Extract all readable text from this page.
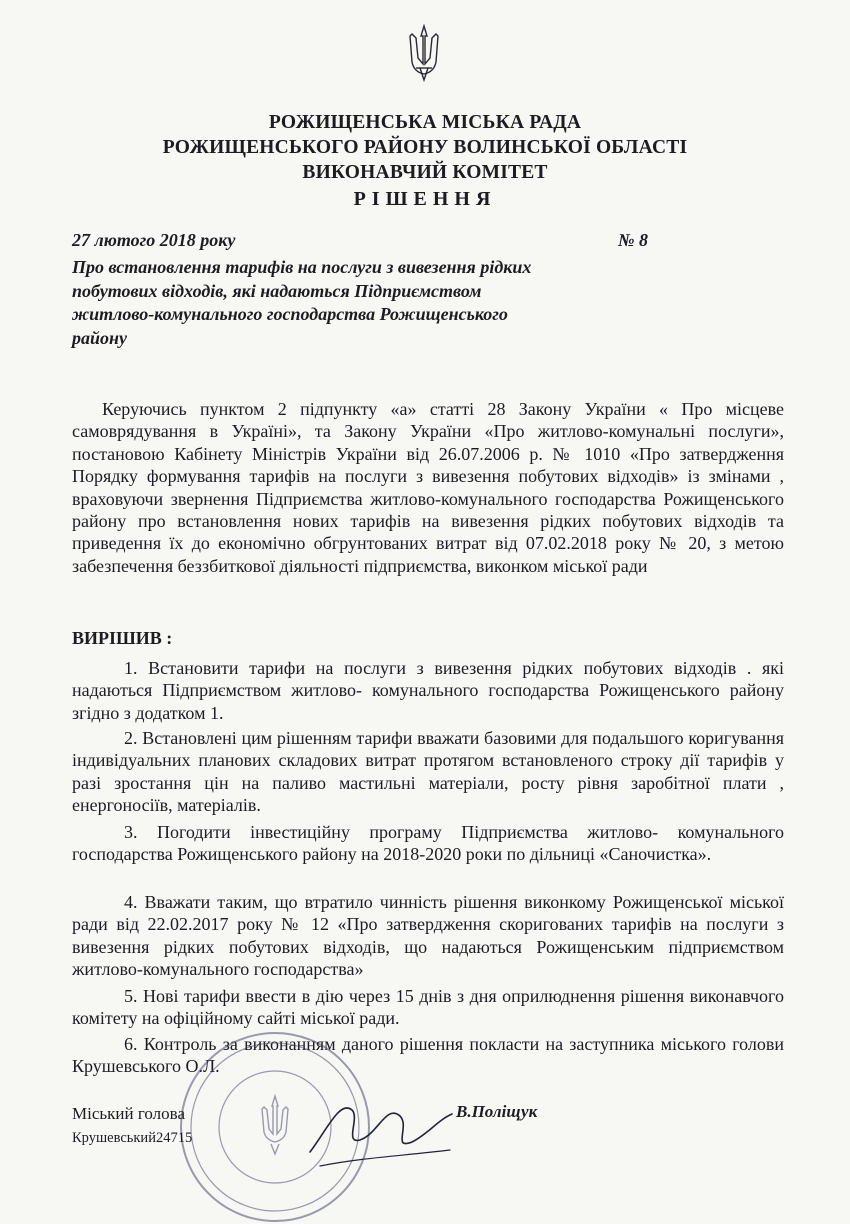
РОЖИЩЕНСЬКА МІСЬКА РАДА
РОЖИЩЕНСЬКОГО РАЙОНУ ВОЛИНСЬКОЇ ОБЛАСТІ
ВИКОНАВЧИЙ КОМІТЕТ
РІШЕННЯ
27 лютого 2018 року	№ 8
Про встановлення тарифів на послуги з вивезення рідких побутових відходів, які надаються Підприємством житлово-комунального господарства Рожищенського району
Керуючись пунктом 2 підпункту «а» статті 28 Закону України « Про місцеве самоврядування в Україні», та Закону України «Про житлово-комунальні послуги», постановою Кабінету Міністрів України від 26.07.2006 р. № 1010 «Про затвердження Порядку формування тарифів на послуги з вивезення побутових відходів» із змінами , враховуючи звернення Підприємства житлово-комунального господарства Рожищенського району про встановлення нових тарифів на вивезення рідких побутових відходів та приведення їх до економічно обгрунтованих витрат від 07.02.2018 року № 20, з метою забезпечення беззбиткової діяльності підприємства, виконком міської ради
ВИРІШИВ :
1. Встановити тарифи на послуги з вивезення рідких побутових відходів . які надаються Підприємством житлово- комунального господарства Рожищенського району згідно з додатком 1.
2. Встановлені цим рішенням тарифи вважати базовими для подальшого коригування індивідуальних планових складових витрат протягом встановленого строку дії тарифів у разі зростання цін на паливо мастильні матеріали, росту рівня заробітної плати , енергоносіїв, матеріалів.
3. Погодити інвестиційну програму Підприємства житлово- комунального господарства Рожищенського району на 2018-2020 роки по дільниці «Саночистка».
4. Вважати таким, що втратило чинність рішення виконкому Рожищенської міської ради від 22.02.2017 року № 12 «Про затвердження скоригованих тарифів на послуги з вивезення рідких побутових відходів, що надаються Рожищенським підприємством житлово-комунального господарства»
5. Нові тарифи ввести в дію через 15 днів з дня оприлюднення рішення виконавчого комітету на офіційному сайті міської ради.
6. Контроль за виконанням даного рішення покласти на заступника міського голови Крушевського О.Л.
Міський голова
Крушевський24715
В.Поліщук
